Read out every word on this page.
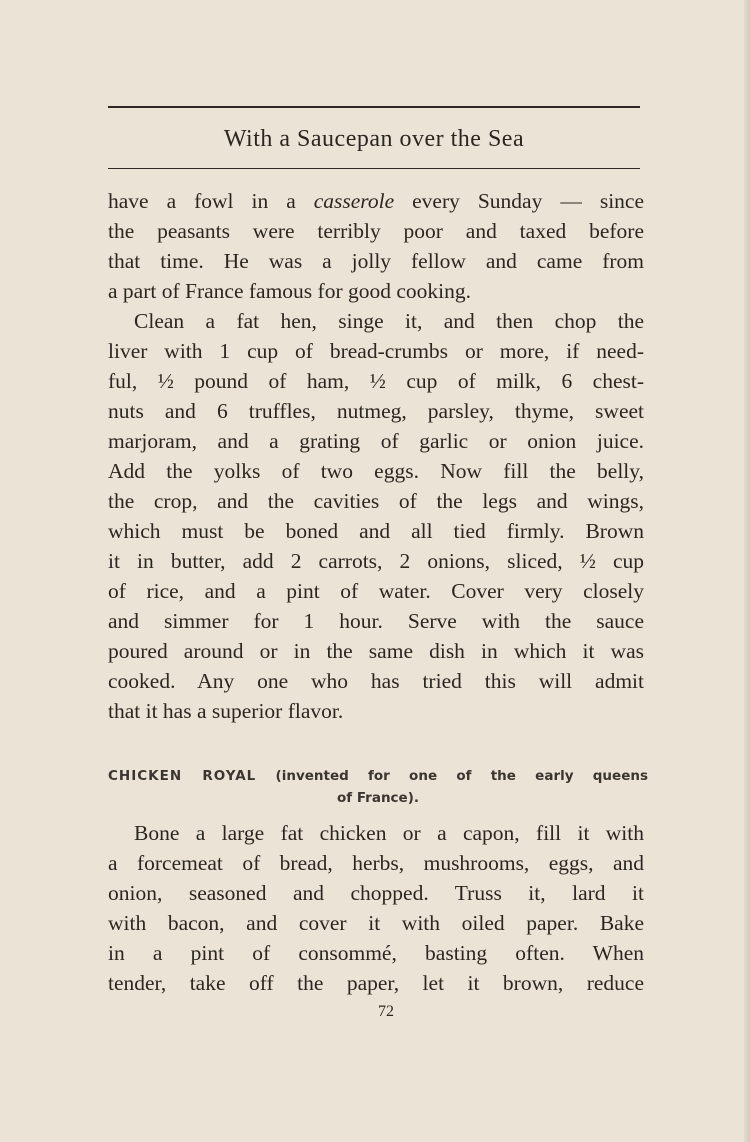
With a Saucepan over the Sea
have a fowl in a casserole every Sunday — since
the peasants were terribly poor and taxed before
that time. He was a jolly fellow and came from
a part of France famous for good cooking.
Clean a fat hen, singe it, and then chop the
liver with 1 cup of bread-crumbs or more, if need-
ful, ½ pound of ham, ½ cup of milk, 6 chest-
nuts and 6 truffles, nutmeg, parsley, thyme, sweet
marjoram, and a grating of garlic or onion juice.
Add the yolks of two eggs. Now fill the belly,
the crop, and the cavities of the legs and wings,
which must be boned and all tied firmly. Brown
it in butter, add 2 carrots, 2 onions, sliced, ½ cup
of rice, and a pint of water. Cover very closely
and simmer for 1 hour. Serve with the sauce
poured around or in the same dish in which it was
cooked. Any one who has tried this will admit
that it has a superior flavor.
CHICKEN ROYAL (invented for one of the early queens
of France).
Bone a large fat chicken or a capon, fill it with
a forcemeat of bread, herbs, mushrooms, eggs, and
onion, seasoned and chopped. Truss it, lard it
with bacon, and cover it with oiled paper. Bake
in a pint of consommé, basting often. When
tender, take off the paper, let it brown, reduce
72
